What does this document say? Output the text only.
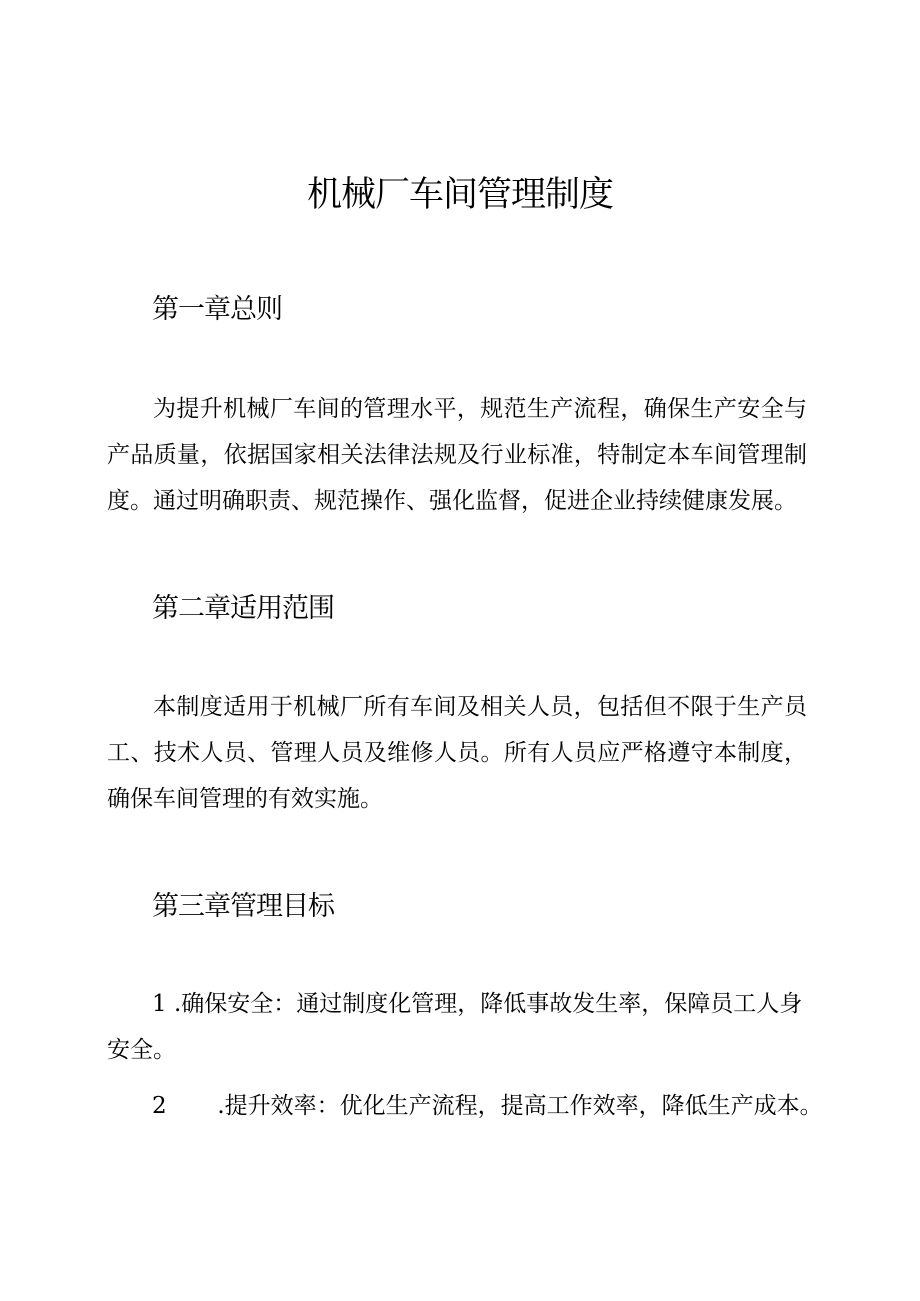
机械厂车间管理制度
第一章总则

为提升机械厂车间的管理水平，规范生产流程，确保生产安全与产品质量，依据国家相关法律法规及行业标准，特制定本车间管理制度。通过明确职责、规范操作、强化监督，促进企业持续健康发展。

第二章适用范围

本制度适用于机械厂所有车间及相关人员，包括但不限于生产员工、技术人员、管理人员及维修人员。所有人员应严格遵守本制度，确保车间管理的有效实施。

第三章管理目标
1 .确保安全：通过制度化管理，降低事故发生率，保障员工人身
安全。
2 .提升效率：优化生产流程，提高工作效率，降低生产成本。
